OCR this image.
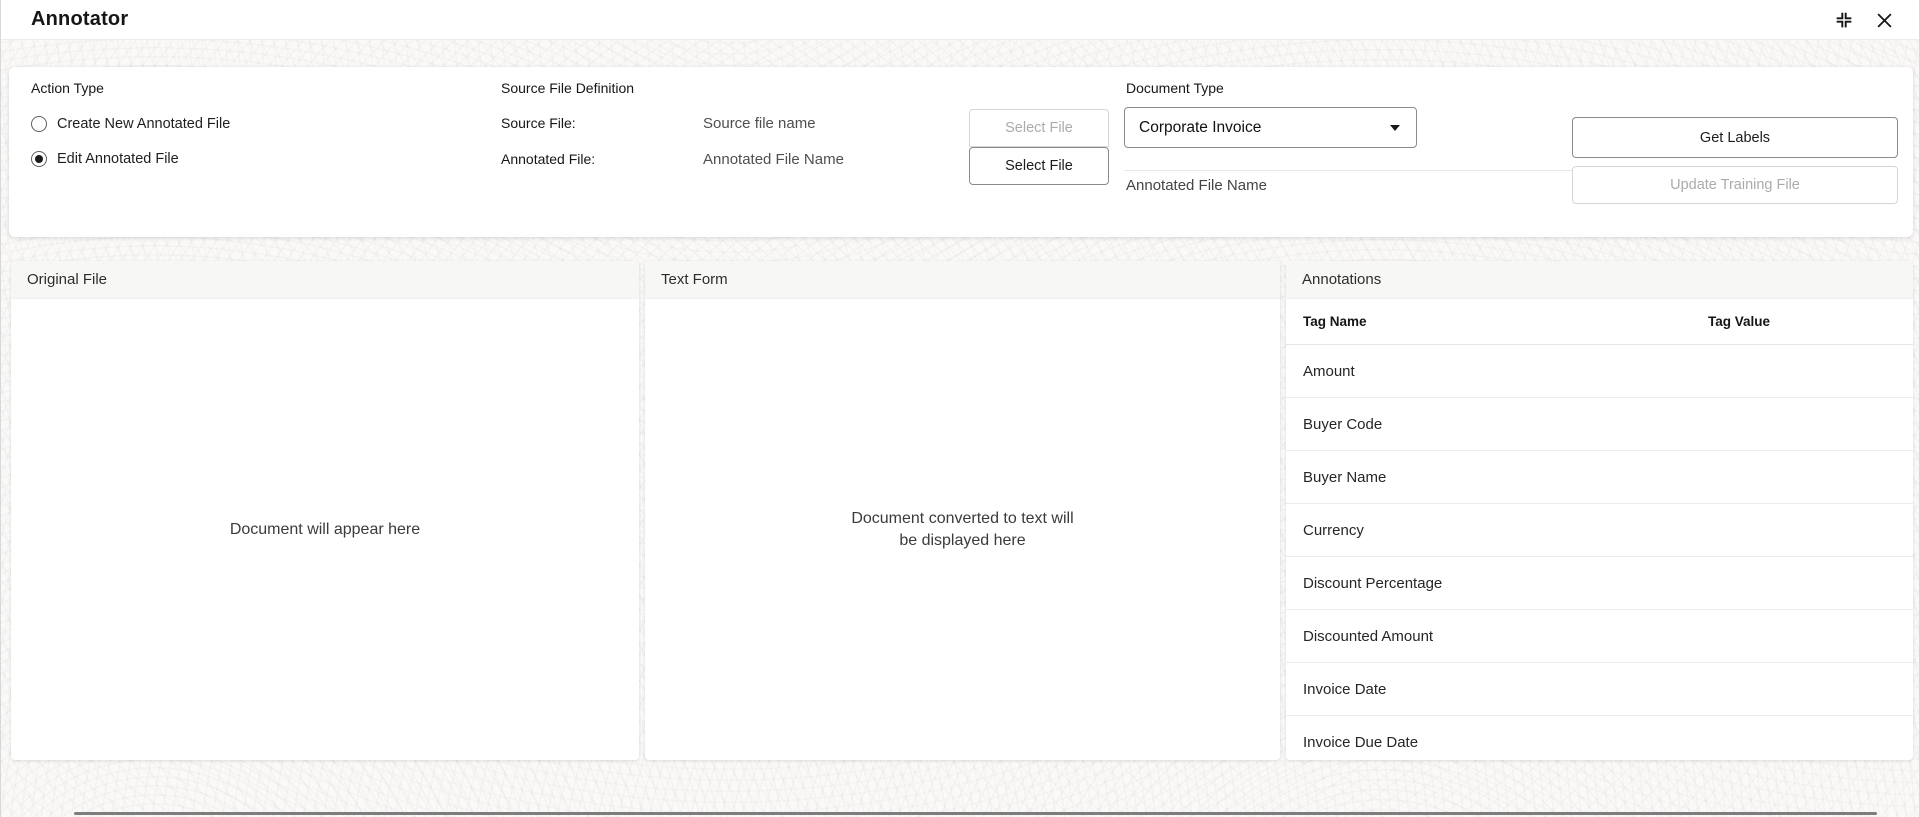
Annotator
Action Type
Create New Annotated File
Edit Annotated File
Source File Definition
Source File:	Source file name
Annotated File:	Annotated File Name
Select File
Select File
Document Type
Corporate Invoice
Annotated File Name
Get Labels
Update Training File
Original File
Document will appear here
Text Form
Document converted to text will
be displayed here
Annotations
Tag Name	Tag Value
Amount
Buyer Code
Buyer Name
Currency
Discount Percentage
Discounted Amount
Invoice Date
Invoice Due Date
